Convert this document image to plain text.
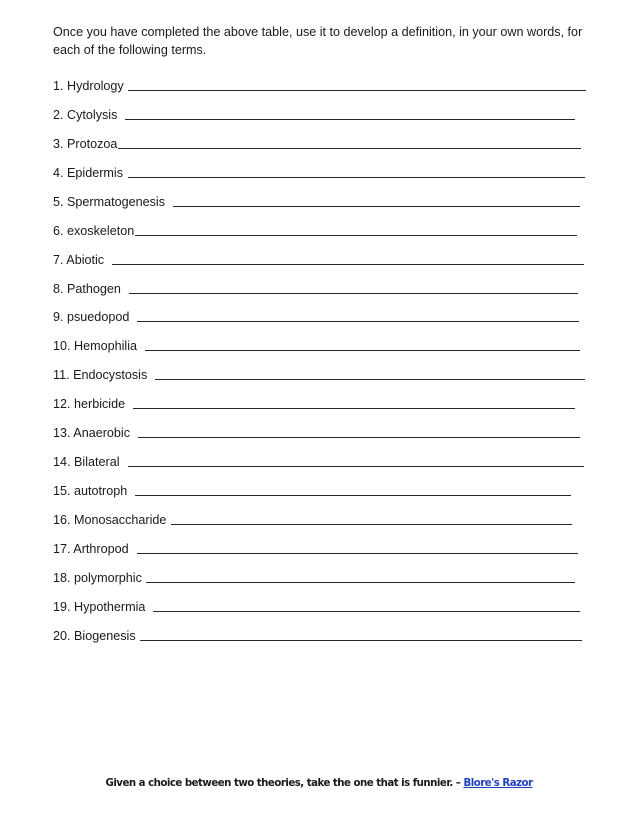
Once you have completed the above table, use it to develop a definition, in your own words, for each of the following terms.
1. Hydrology
2. Cytolysis
3. Protozoa
4. Epidermis
5. Spermatogenesis
6. exoskeleton
7. Abiotic
8. Pathogen
9. psuedopod
10. Hemophilia
11. Endocystosis
12. herbicide
13. Anaerobic
14. Bilateral
15. autotroph
16. Monosaccharide
17. Arthropod
18. polymorphic
19. Hypothermia
20. Biogenesis
Given a choice between two theories, take the one that is funnier. – Blore's Razor
